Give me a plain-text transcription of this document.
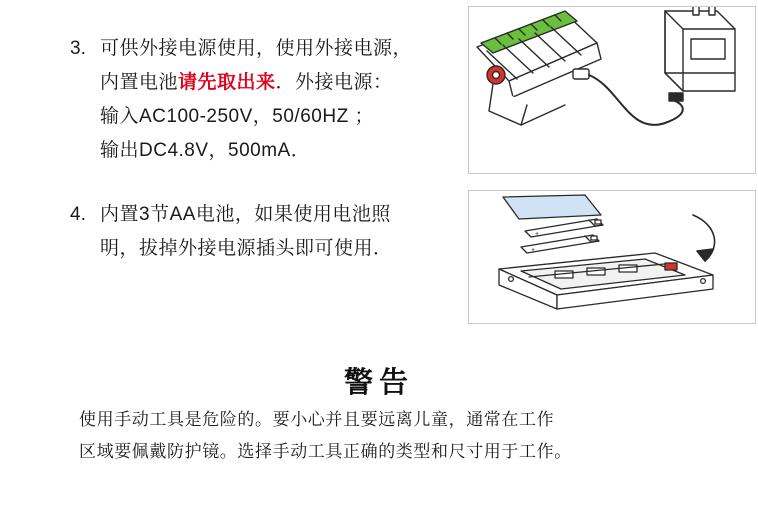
3. 可供外接电源使用，使用外接电源，
内置电池请先取出来．外接电源：
输入AC100-250V，50/60HZ ；
输出DC4.8V，500mA．
4. 内置3节AA电池，如果使用电池照
明，拔掉外接电源插头即可使用．
+
+
警告
使用手动工具是危险的。要小心并且要远离儿童，通常在工作
区域要佩戴防护镜。选择手动工具正确的类型和尺寸用于工作。
